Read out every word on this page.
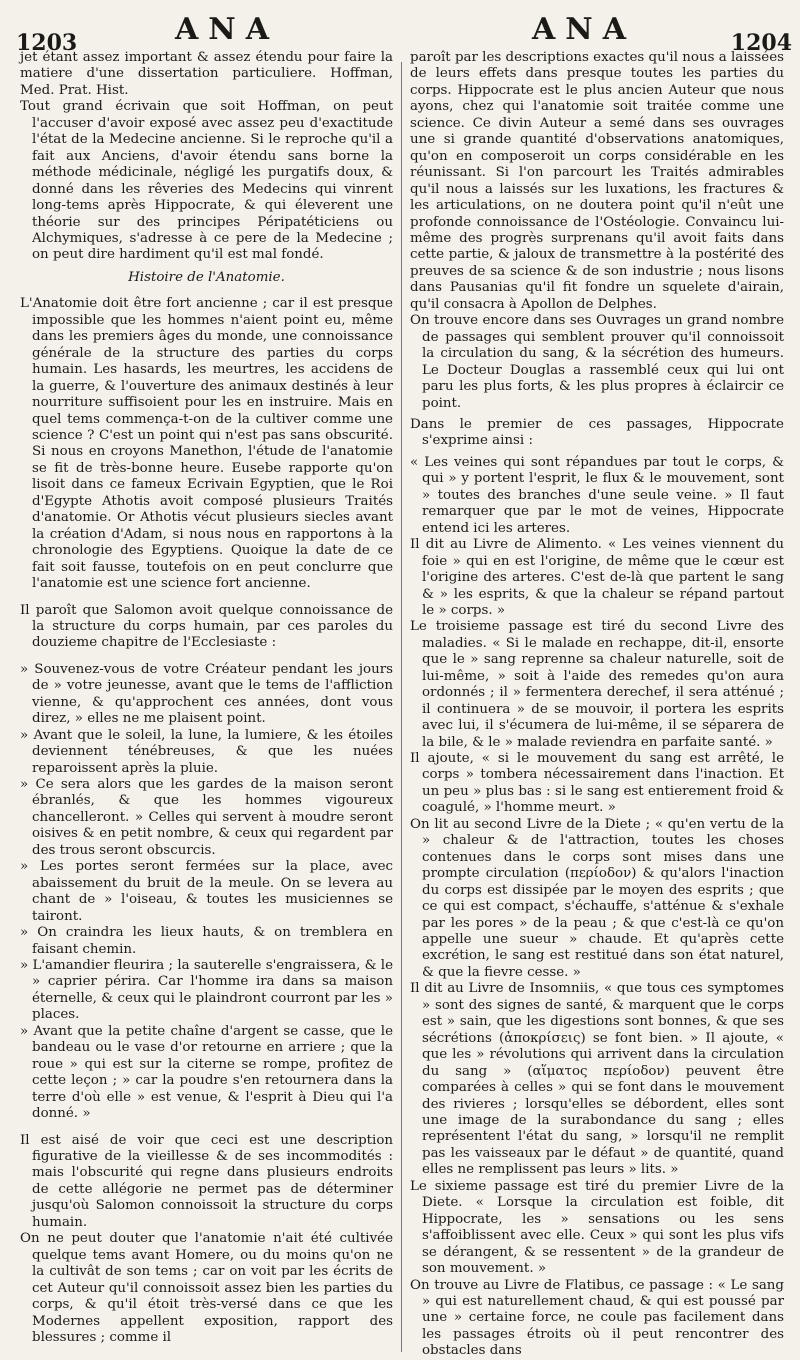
1203	ANA	ANA	1204

jet étant assez important & assez étendu pour faire la matiere d'une dissertation particuliere. Hoffman, Med. Prat. Hist.

Tout grand écrivain que soit Hoffman, on peut l'accuser d'avoir exposé avec assez peu d'exactitude l'état de la Medecine ancienne. Si le reproche qu'il a fait aux Anciens, d'avoir étendu sans borne la méthode médicinale, négligé les purgatifs doux, & donné dans les rêveries des Medecins qui vinrent long-tems après Hippocrate, & qui éleverent une théorie sur des principes Péripatéticiens ou Alchymiques, s'adresse à ce pere de la Medecine ; on peut dire hardiment qu'il est mal fondé.

Histoire de l'Anatomie.

L'Anatomie doit être fort ancienne ; car il est presque impossible que les hommes n'aient point eu, même dans les premiers âges du monde, une connoissance générale de la structure des parties du corps humain. Les hasards, les meurtres, les accidens de la guerre, & l'ouverture des animaux destinés à leur nourriture suffisoient pour les en instruire. Mais en quel tems commença-t-on de la cultiver comme une science ? C'est un point qui n'est pas sans obscurité. Si nous en croyons Manethon, l'étude de l'anatomie se fit de très-bonne heure. Eusebe rapporte qu'on lisoit dans ce fameux Ecrivain Egyptien, que le Roi d'Egypte Athotis avoit composé plusieurs Traités d'anatomie. Or Athotis vécut plusieurs siecles avant la création d'Adam, si nous nous en rapportons à la chronologie des Egyptiens. Quoique la date de ce fait soit fausse, toutefois on en peut conclurre que l'anatomie est une science fort ancienne.

Il paroît que Salomon avoit quelque connoissance de la structure du corps humain, par ces paroles du douzieme chapitre de l'Ecclesiaste :

» Souvenez-vous de votre Créateur pendant les jours de » votre jeunesse, avant que le tems de l'affliction vienne, & qu'approchent ces années, dont vous direz, » elles ne me plaisent point.

» Avant que le soleil, la lune, la lumiere, & les étoiles deviennent ténébreuses, & que les nuées reparoissent après la pluie.

» Ce sera alors que les gardes de la maison seront ébranlés, & que les hommes vigoureux chancelleront. » Celles qui servent à moudre seront oisives & en petit nombre, & ceux qui regardent par des trous seront obscurcis.

» Les portes seront fermées sur la place, avec abaissement du bruit de la meule. On se levera au chant de » l'oiseau, & toutes les musiciennes se tairont.

» On craindra les lieux hauts, & on tremblera en faisant chemin.

» L'amandier fleurira ; la sauterelle s'engraissera, & le » caprier périra. Car l'homme ira dans sa maison éternelle, & ceux qui le plaindront courront par les » places.

» Avant que la petite chaîne d'argent se casse, que le bandeau ou le vase d'or retourne en arriere ; que la roue » qui est sur la citerne se rompe, profitez de cette leçon ; » car la poudre s'en retournera dans la terre d'où elle » est venue, & l'esprit à Dieu qui l'a donné. »

Il est aisé de voir que ceci est une description figurative de la vieillesse & de ses incommodités : mais l'obscurité qui regne dans plusieurs endroits de cette allégorie ne permet pas de déterminer jusqu'où Salomon connoissoit la structure du corps humain.

On ne peut douter que l'anatomie n'ait été cultivée quelque tems avant Homere, ou du moins qu'on ne la cultivât de son tems ; car on voit par les écrits de cet Auteur qu'il connoissoit assez bien les parties du corps, & qu'il étoit très-versé dans ce que les Modernes appellent exposition, rapport des blessures ; comme il

paroît par les descriptions exactes qu'il nous a laissées de leurs effets dans presque toutes les parties du corps. Hippocrate est le plus ancien Auteur que nous ayons, chez qui l'anatomie soit traitée comme une science. Ce divin Auteur a semé dans ses ouvrages une si grande quantité d'observations anatomiques, qu'on en composeroit un corps considérable en les réunissant. Si l'on parcourt les Traités admirables qu'il nous a laissés sur les luxations, les fractures & les articulations, on ne doutera point qu'il n'eût une profonde connoissance de l'Ostéologie. Convaincu lui-même des progrès surprenans qu'il avoit faits dans cette partie, & jaloux de transmettre à la postérité des preuves de sa science & de son industrie ; nous lisons dans Pausanias qu'il fit fondre un squelete d'airain, qu'il consacra à Apollon de Delphes.

On trouve encore dans ses Ouvrages un grand nombre de passages qui semblent prouver qu'il connoissoit la circulation du sang, & la sécrétion des humeurs. Le Docteur Douglas a rassemblé ceux qui lui ont paru les plus forts, & les plus propres à éclaircir ce point.

Dans le premier de ces passages, Hippocrate s'exprime ainsi :

« Les veines qui sont répandues par tout le corps, & qui » y portent l'esprit, le flux & le mouvement, sont » toutes des branches d'une seule veine. » Il faut remarquer que par le mot de veines, Hippocrate entend ici les arteres.

Il dit au Livre de Alimento. « Les veines viennent du foie » qui en est l'origine, de même que le cœur est l'origine des arteres. C'est de-là que partent le sang & » les esprits, & que la chaleur se répand partout le » corps. »

Le troisieme passage est tiré du second Livre des maladies. « Si le malade en rechappe, dit-il, ensorte que le » sang reprenne sa chaleur naturelle, soit de lui-même, » soit à l'aide des remedes qu'on aura ordonnés ; il » fermentera derechef, il sera atténué ; il continuera » de se mouvoir, il portera les esprits avec lui, il s'écumera de lui-même, il se séparera de la bile, & le » malade reviendra en parfaite santé. »

Il ajoute, « si le mouvement du sang est arrêté, le corps » tombera nécessairement dans l'inaction. Et un peu » plus bas : si le sang est entierement froid & coagulé, » l'homme meurt. »

On lit au second Livre de la Diete ; « qu'en vertu de la » chaleur & de l'attraction, toutes les choses contenues dans le corps sont mises dans une prompte circulation (περίοδον) & qu'alors l'inaction du corps est dissipée par le moyen des esprits ; que ce qui est compact, s'échauffe, s'atténue & s'exhale par les pores » de la peau ; & que c'est-là ce qu'on appelle une sueur » chaude. Et qu'après cette excrétion, le sang est restitué dans son état naturel, & que la fievre cesse. »

Il dit au Livre de Insomniis, « que tous ces symptomes » sont des signes de santé, & marquent que le corps est » sain, que les digestions sont bonnes, & que ses sécrétions (ἀποκρίσεις) se font bien. » Il ajoute, « que les » révolutions qui arrivent dans la circulation du sang » (αἵματος περίοδον) peuvent être comparées à celles » qui se font dans le mouvement des rivieres ; lorsqu'elles se débordent, elles sont une image de la surabondance du sang ; elles représentent l'état du sang, » lorsqu'il ne remplit pas les vaisseaux par le défaut » de quantité, quand elles ne remplissent pas leurs » lits. »

Le sixieme passage est tiré du premier Livre de la Diete. « Lorsque la circulation est foible, dit Hippocrate, les » sensations ou les sens s'affoiblissent avec elle. Ceux » qui sont les plus vifs se dérangent, & se ressentent » de la grandeur de son mouvement. »

On trouve au Livre de Flatibus, ce passage : « Le sang » qui est naturellement chaud, & qui est poussé par une » certaine force, ne coule pas facilement dans les passages étroits où il peut rencontrer des obstacles dans
